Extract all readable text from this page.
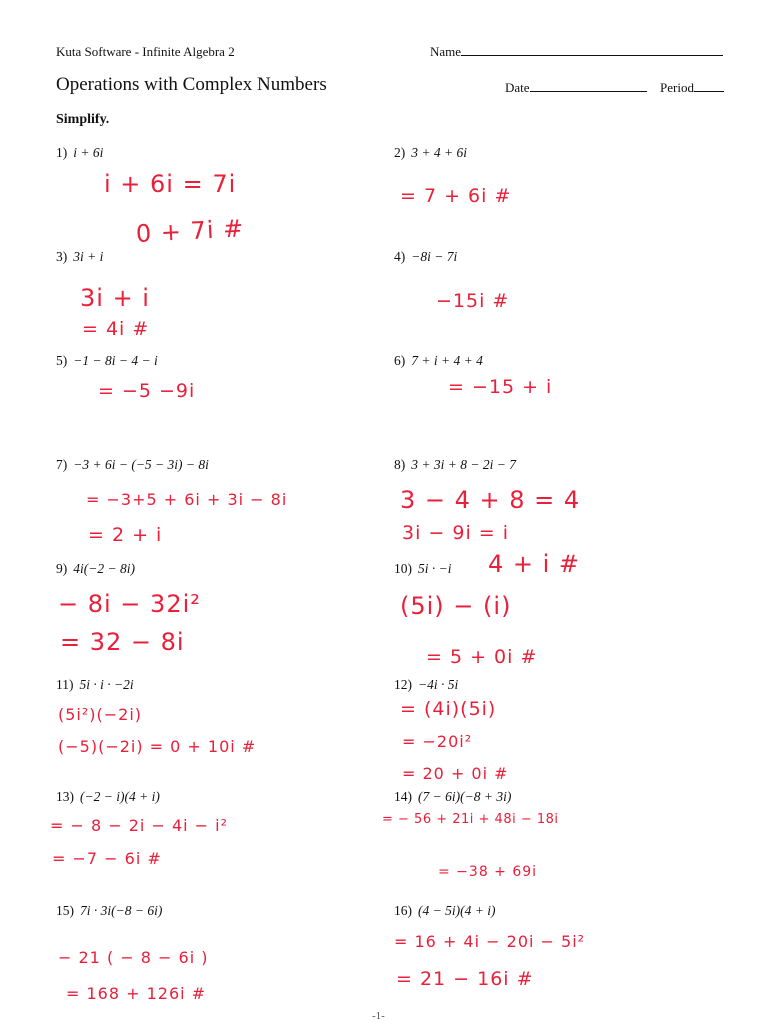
Kuta Software - Infinite Algebra 2	Name
Operations with Complex Numbers	Date	Period
Simplify.
1) i + 6i
i + 6i = 7i
0 + 7i #
2) 3 + 4 + 6i
= 7 + 6i #
3) 3i + i
3i + i
= 4i #
4) −8i − 7i
−15i #
5) −1 − 8i − 4 − i
= −5 −9i
6) 7 + i + 4 + 4
= −15 + i
7) −3 + 6i − (−5 − 3i) − 8i
= −3+5 + 6i + 3i − 8i
= 2 + i
8) 3 + 3i + 8 − 2i − 7
3 − 4 + 8 = 4
3i − 9i = i
4 + i #
9) 4i(−2 − 8i)
− 8i − 32i²
= 32 − 8i
10) 5i · −i
(5i) − (i)
= 5 + 0i #
11) 5i · i · −2i
(5i²)(−2i)
(−5)(−2i) = 0 + 10i #
12) −4i · 5i
= (4i)(5i)
= −20i²
= 20 + 0i #
13) (−2 − i)(4 + i)
= − 8 − 2i − 4i − i²
= −7 − 6i #
14) (7 − 6i)(−8 + 3i)
= − 56 + 21i + 48i − 18i
= −38 + 69i
15) 7i · 3i(−8 − 6i)
− 21 ( − 8 − 6i )
= 168 + 126i #
16) (4 − 5i)(4 + i)
= 16 + 4i − 20i − 5i²
= 21 − 16i #
-1-
